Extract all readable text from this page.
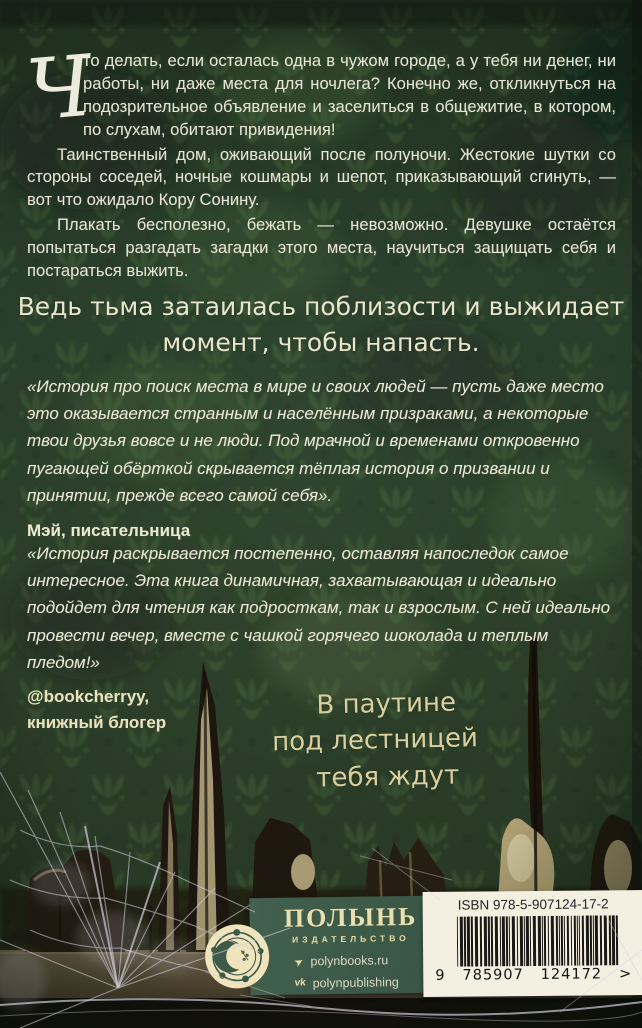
Ч
то делать, если осталась одна в чужом городе, а у тебя ни денег, ни работы, ни даже места для ночлега? Конечно же, откликнуться на подозрительное объявление и заселиться в общежитие, в котором, по слухам, обитают привидения!

Таинственный дом, оживающий после полуночи. Жестокие шутки со стороны соседей, ночные кошмары и шепот, приказывающий сгинуть, — вот что ожидало Кору Сонину.

Плакать бесполезно, бежать — невозможно. Девушке остаётся попытаться разгадать загадки этого места, научиться защищать себя и постараться выжить.

Ведь тьма затаилась поблизости и выжидает
момент, чтобы напасть.
«История про поиск места в мире и своих людей — пусть даже место это оказывается странным и населённым призраками, а некоторые твои друзья вовсе и не люди. Под мрачной и временами откровенно пугающей обёрткой скрывается тёплая история о призвании и принятии, прежде всего самой себя».
Мэй, писательница
«История раскрывается постепенно, оставляя напоследок самое интересное. Эта книга динамичная, захватывающая и идеально подойдет для чтения как подросткам, так и взрослым. С ней идеально провести вечер, вместе с чашкой горячего шоколада и теплым пледом!»
@bookcherryy,
книжный блогер
В паутине
под лестницей
тебя ждут
ПОЛЫНЬ
ИЗДАТЕЛЬСТВО
➤ polynbooks.ru
vk polynpublishing
ISBN 978-5-907124-17-2
9 785907 124172 >
